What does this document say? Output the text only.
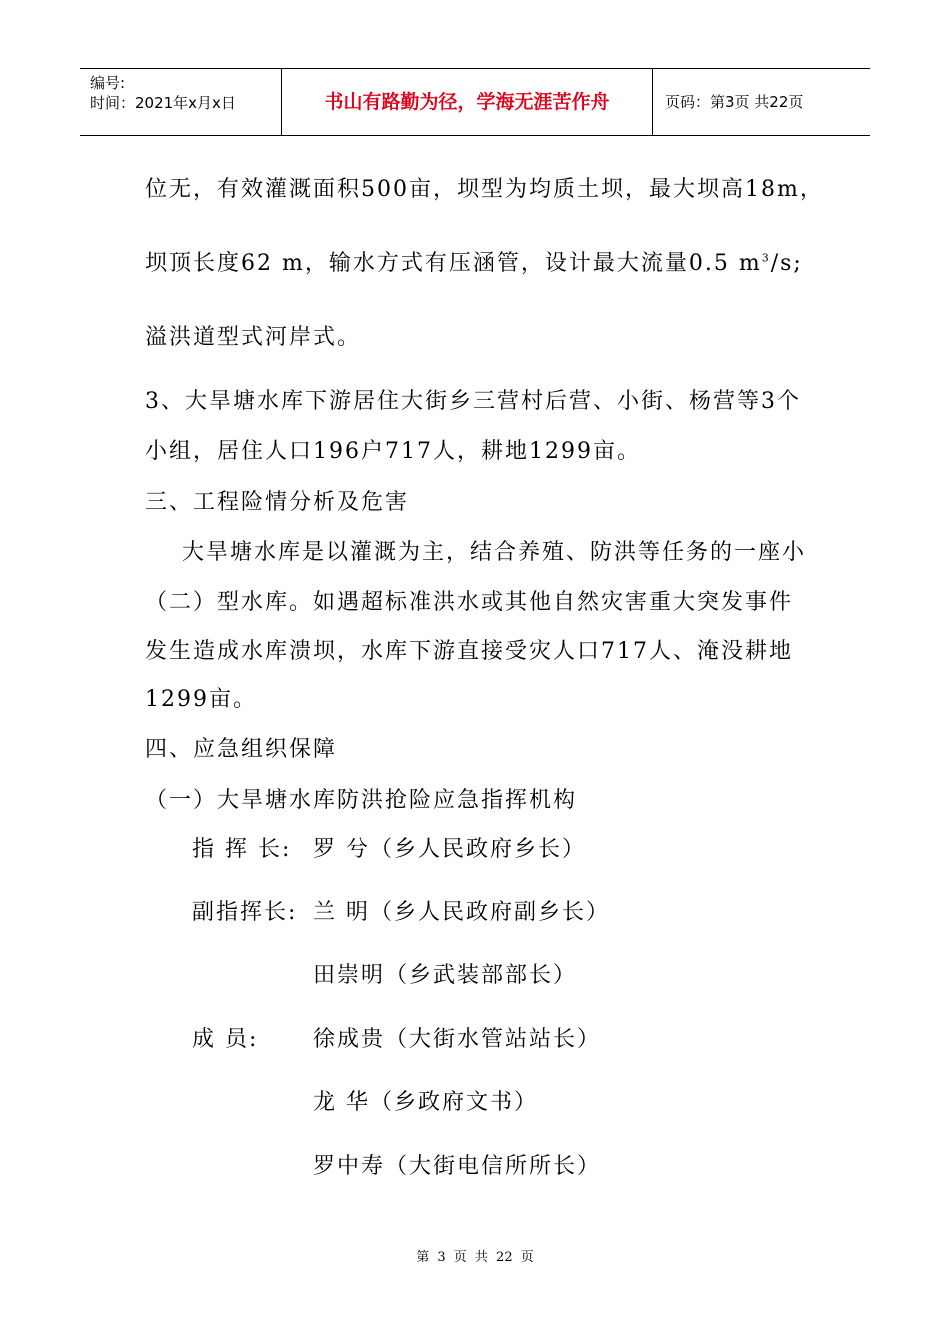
编号:
时间：2021年x月x日	书山有路勤为径，学海无涯苦作舟	页码：第3页 共22页
位无，有效灌溉面积500亩，坝型为均质土坝，最大坝高18m，
坝顶长度62 m，输水方式有压涵管，设计最大流量0.5 $m^3/s$;
溢洪道型式河岸式。
3、大旱塘水库下游居住大街乡三营村后营、小街、杨营等3个
小组，居住人口196户717人，耕地1299亩。
三、工程险情分析及危害
大旱塘水库是以灌溉为主，结合养殖、防洪等任务的一座小
（二）型水库。如遇超标准洪水或其他自然灾害重大突发事件
发生造成水库溃坝，水库下游直接受灾人口717人、淹没耕地
1299亩。
四、应急组织保障
（一）大旱塘水库防洪抢险应急指挥机构
指 挥 长: 罗 兮（乡人民政府乡长）
副指挥长: 兰 明（乡人民政府副乡长）
田崇明（乡武装部部长）
成 员: 徐成贵（大街水管站站长）
龙 华（乡政府文书）
罗中寿（大街电信所所长）
第 3 页 共 22 页
